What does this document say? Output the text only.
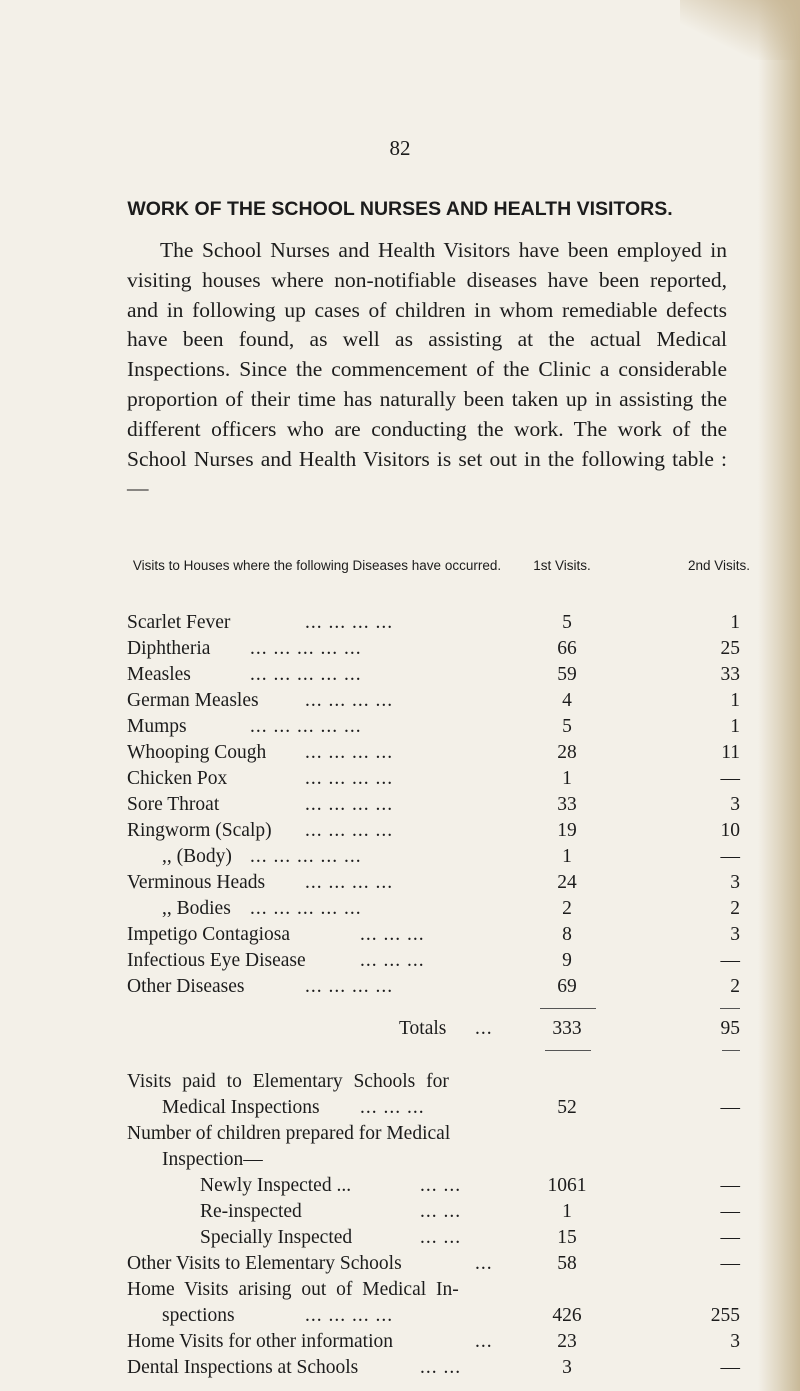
82
WORK OF THE SCHOOL NURSES AND HEALTH VISITORS.
The School Nurses and Health Visitors have been employed in visiting houses where non-notifiable diseases have been reported, and in following up cases of children in whom remediable defects have been found, as well as assisting at the actual Medical Inspections. Since the commencement of the Clinic a considerable proportion of their time has naturally been taken up in assisting the different officers who are conducting the work. The work of the School Nurses and Health Visitors is set out in the following table :—
Visits to Houses where the following Diseases have occurred.	1st Visits.	2nd Visits.
Scarlet Fever	... ... ... ...	5	1
Diphtheria ... ... ... ... ...	66	25
Measles	... ... ... ... ...	59	33
German Measles ... ... ... ...	4	1
Mumps	... ... ... ... ...	5	1
Whooping Cough ... ... ... ...	28	11
Chicken Pox	... ... ... ...	1	—
Sore Throat	... ... ... ...	33	3
Ringworm (Scalp) ... ... ... ...	19	10
,, (Body) ... ... ... ... ...	1	—
Verminous Heads ... ... ... ...	24	3
,, Bodies ... ... ... ... ...	2	2
Impetigo Contagiosa	... ... ...	8	3
Infectious Eye Disease	... ... ...	9	—
Other Diseases	... ... ... ...	69	2
Totals ...	333	95
Visits paid to Elementary Schools for
Medical Inspections ... ... ...	52	—
Number of children prepared for Medical
Inspection—
Newly Inspected ...	... ...	1061	—
Re-inspected	... ...	1	—
Specially Inspected	... ...	15	—
Other Visits to Elementary Schools	...	58	—
Home Visits arising out of Medical In-
spections	... ... ... ...	426	255
Home Visits for other information	...	23	3
Dental Inspections at Schools	... ...	3	—
